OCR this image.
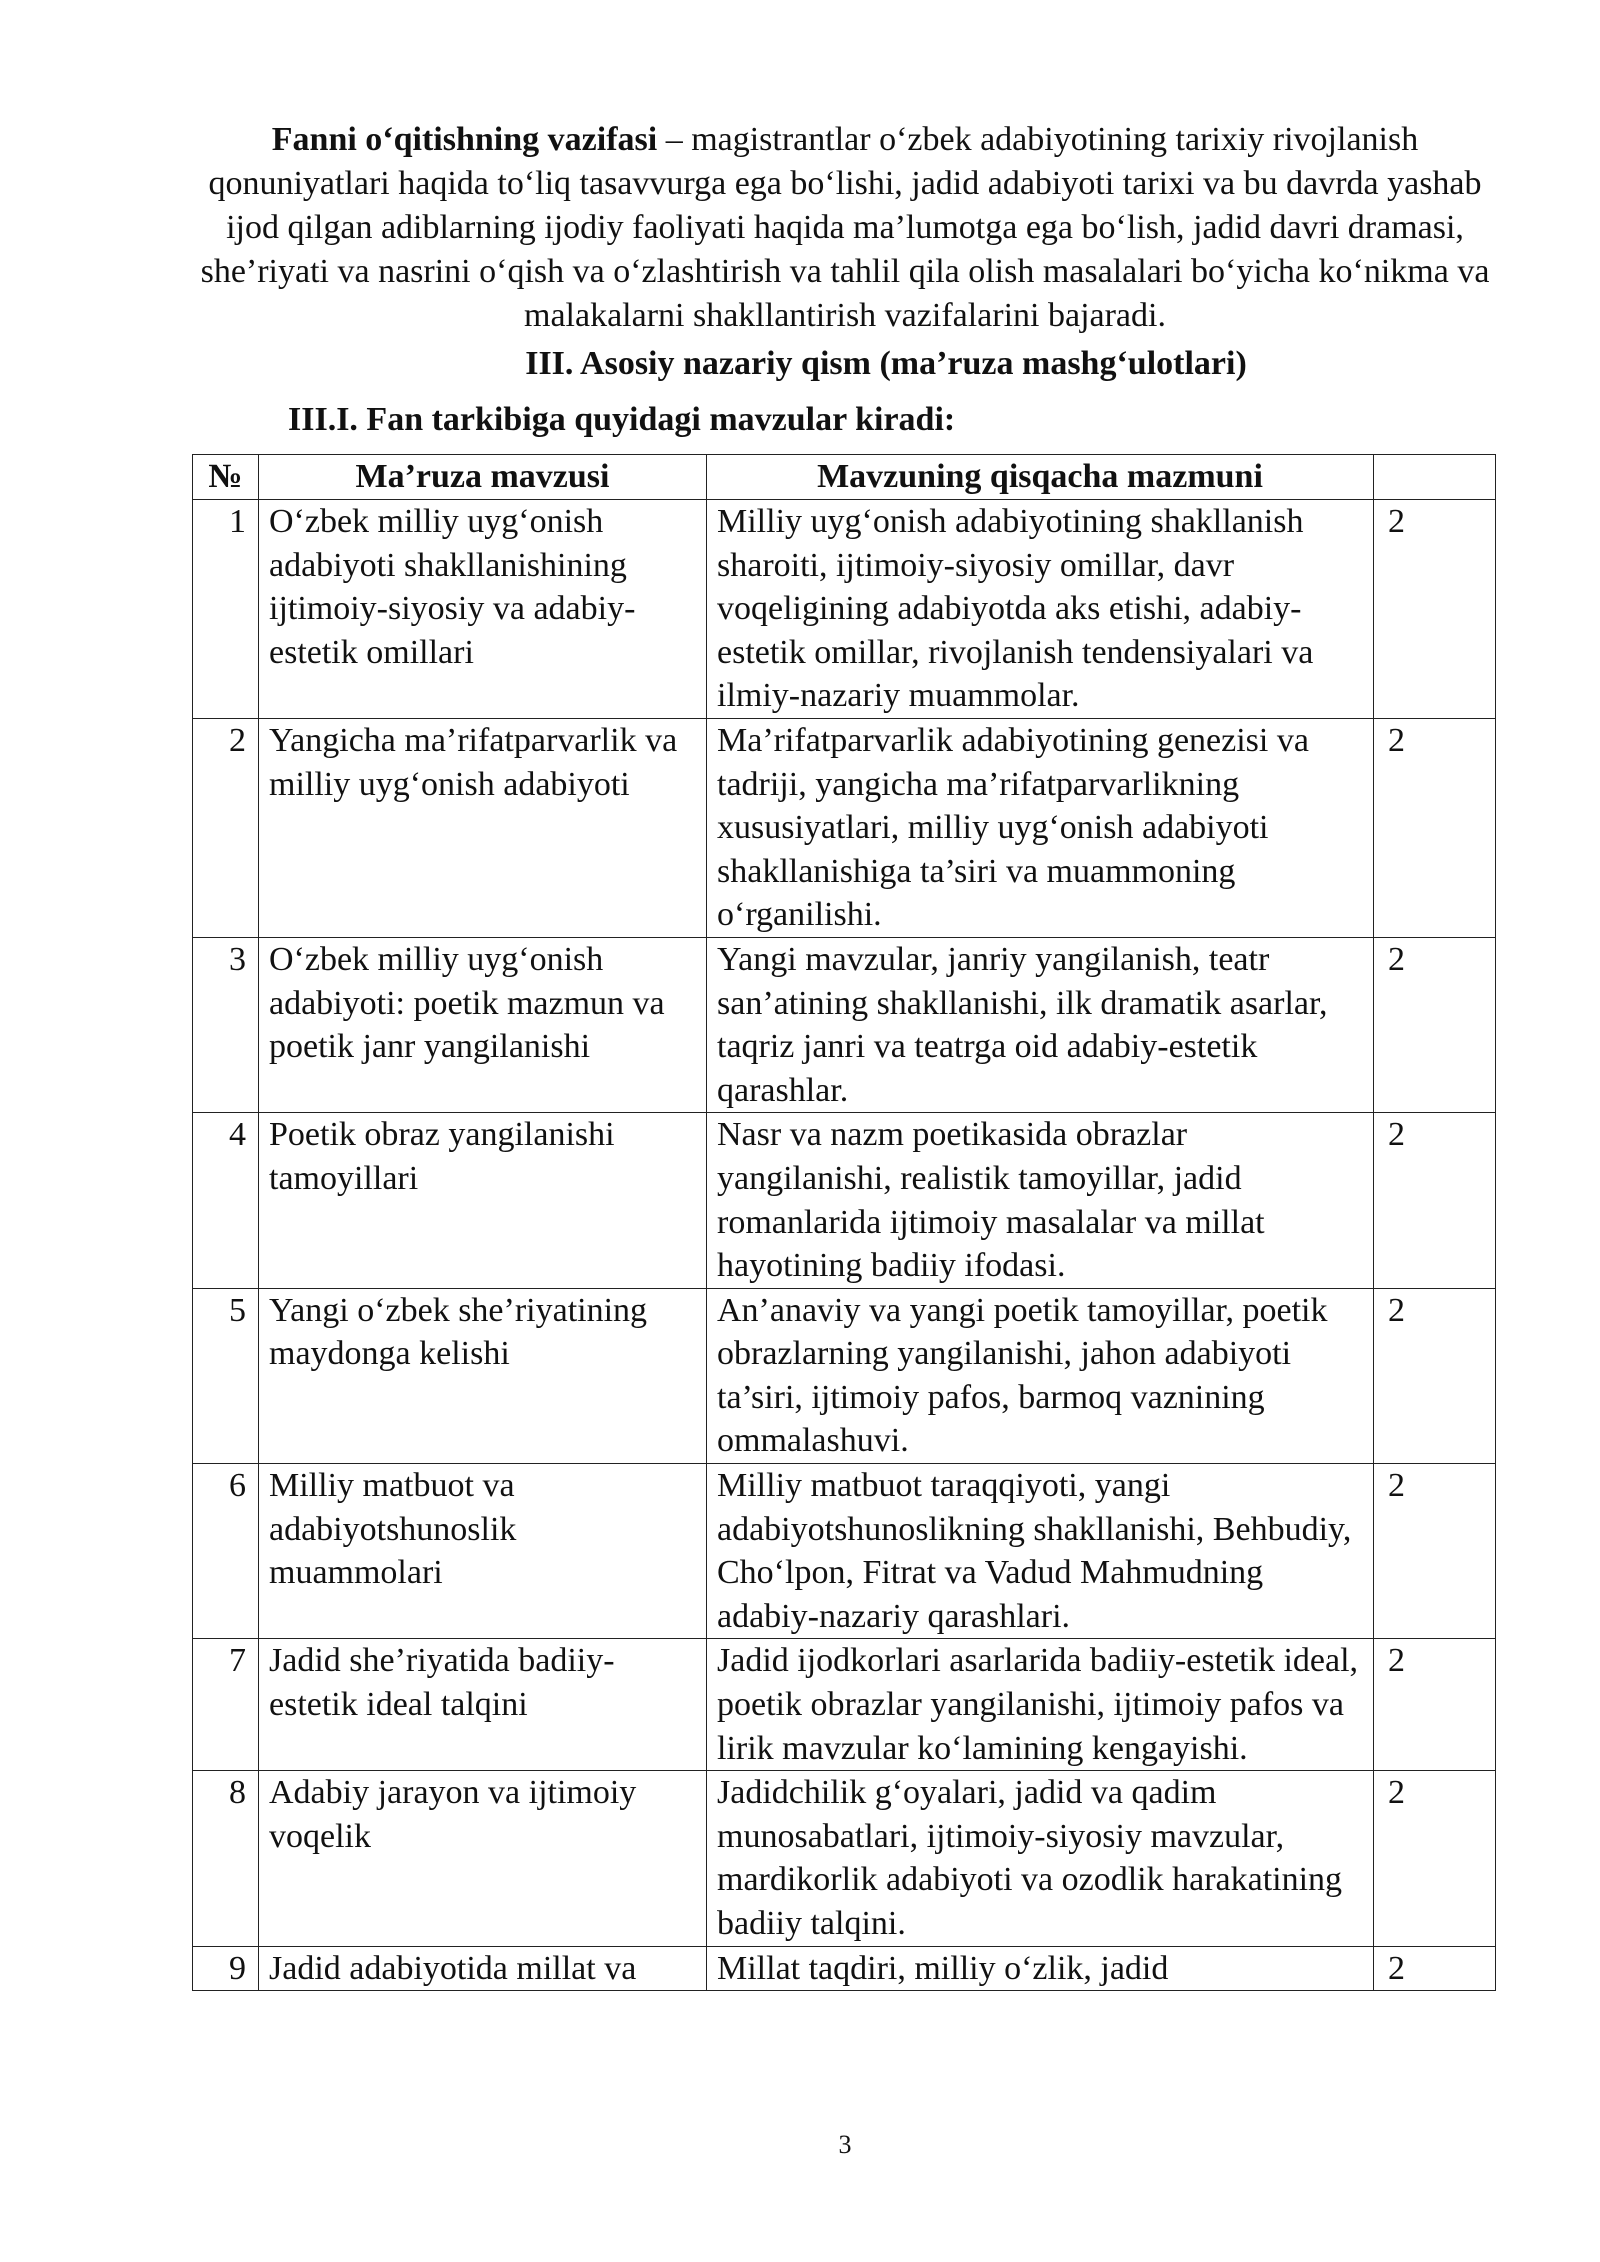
Fanni o‘qitishning vazifasi – magistrantlar o‘zbek adabiyotining tarixiy rivojlanish qonuniyatlari haqida to‘liq tasavvurga ega bo‘lishi, jadid adabiyoti tarixi va bu davrda yashab ijod qilgan adiblarning ijodiy faoliyati haqida ma’lumotga ega bo‘lish, jadid davri dramasi, she’riyati va nasrini o‘qish va o‘zlashtirish va tahlil qila olish masalalari bo‘yicha ko‘nikma va malakalarni shakllantirish vazifalarini bajaradi.
III. Asosiy nazariy qism (ma’ruza mashg‘ulotlari)
III.I. Fan tarkibiga quyidagi mavzular kiradi:
№	Ma’ruza mavzusi	Mavzuning qisqacha mazmuni	
1	O‘zbek milliy uyg‘onish adabiyoti shakllanishining ijtimoiy-siyosiy va adabiy-estetik omillari	Milliy uyg‘onish adabiyotining shakllanish sharoiti, ijtimoiy-siyosiy omillar, davr voqeligining adabiyotda aks etishi, adabiy-estetik omillar, rivojlanish tendensiyalari va ilmiy-nazariy muammolar.	2
2	Yangicha ma’rifatparvarlik va milliy uyg‘onish adabiyoti	Ma’rifatparvarlik adabiyotining genezisi va tadriji, yangicha ma’rifatparvarlikning xususiyatlari, milliy uyg‘onish adabiyoti shakllanishiga ta’siri va muammoning o‘rganilishi.	2
3	O‘zbek milliy uyg‘onish adabiyoti: poetik mazmun va poetik janr yangilanishi	Yangi mavzular, janriy yangilanish, teatr san’atining shakllanishi, ilk dramatik asarlar, taqriz janri va teatrga oid adabiy-estetik qarashlar.	2
4	Poetik obraz yangilanishi tamoyillari	Nasr va nazm poetikasida obrazlar yangilanishi, realistik tamoyillar, jadid romanlarida ijtimoiy masalalar va millat hayotining badiiy ifodasi.	2
5	Yangi o‘zbek she’riyatining maydonga kelishi	An’anaviy va yangi poetik tamoyillar, poetik obrazlarning yangilanishi, jahon adabiyoti ta’siri, ijtimoiy pafos, barmoq vaznining ommalashuvi.	2
6	Milliy matbuot va adabiyotshunoslik muammolari	Milliy matbuot taraqqiyoti, yangi adabiyotshunoslikning shakllanishi, Behbudiy, Cho‘lpon, Fitrat va Vadud Mahmudning adabiy-nazariy qarashlari.	2
7	Jadid she’riyatida badiiy-estetik ideal talqini	Jadid ijodkorlari asarlarida badiiy-estetik ideal, poetik obrazlar yangilanishi, ijtimoiy pafos va lirik mavzular ko‘lamining kengayishi.	2
8	Adabiy jarayon va ijtimoiy voqelik	Jadidchilik g‘oyalari, jadid va qadim munosabatlari, ijtimoiy-siyosiy mavzular, mardikorlik adabiyoti va ozodlik harakatining badiiy talqini.	2
9	Jadid adabiyotida millat va	Millat taqdiri, milliy o‘zlik, jadid	2
3
